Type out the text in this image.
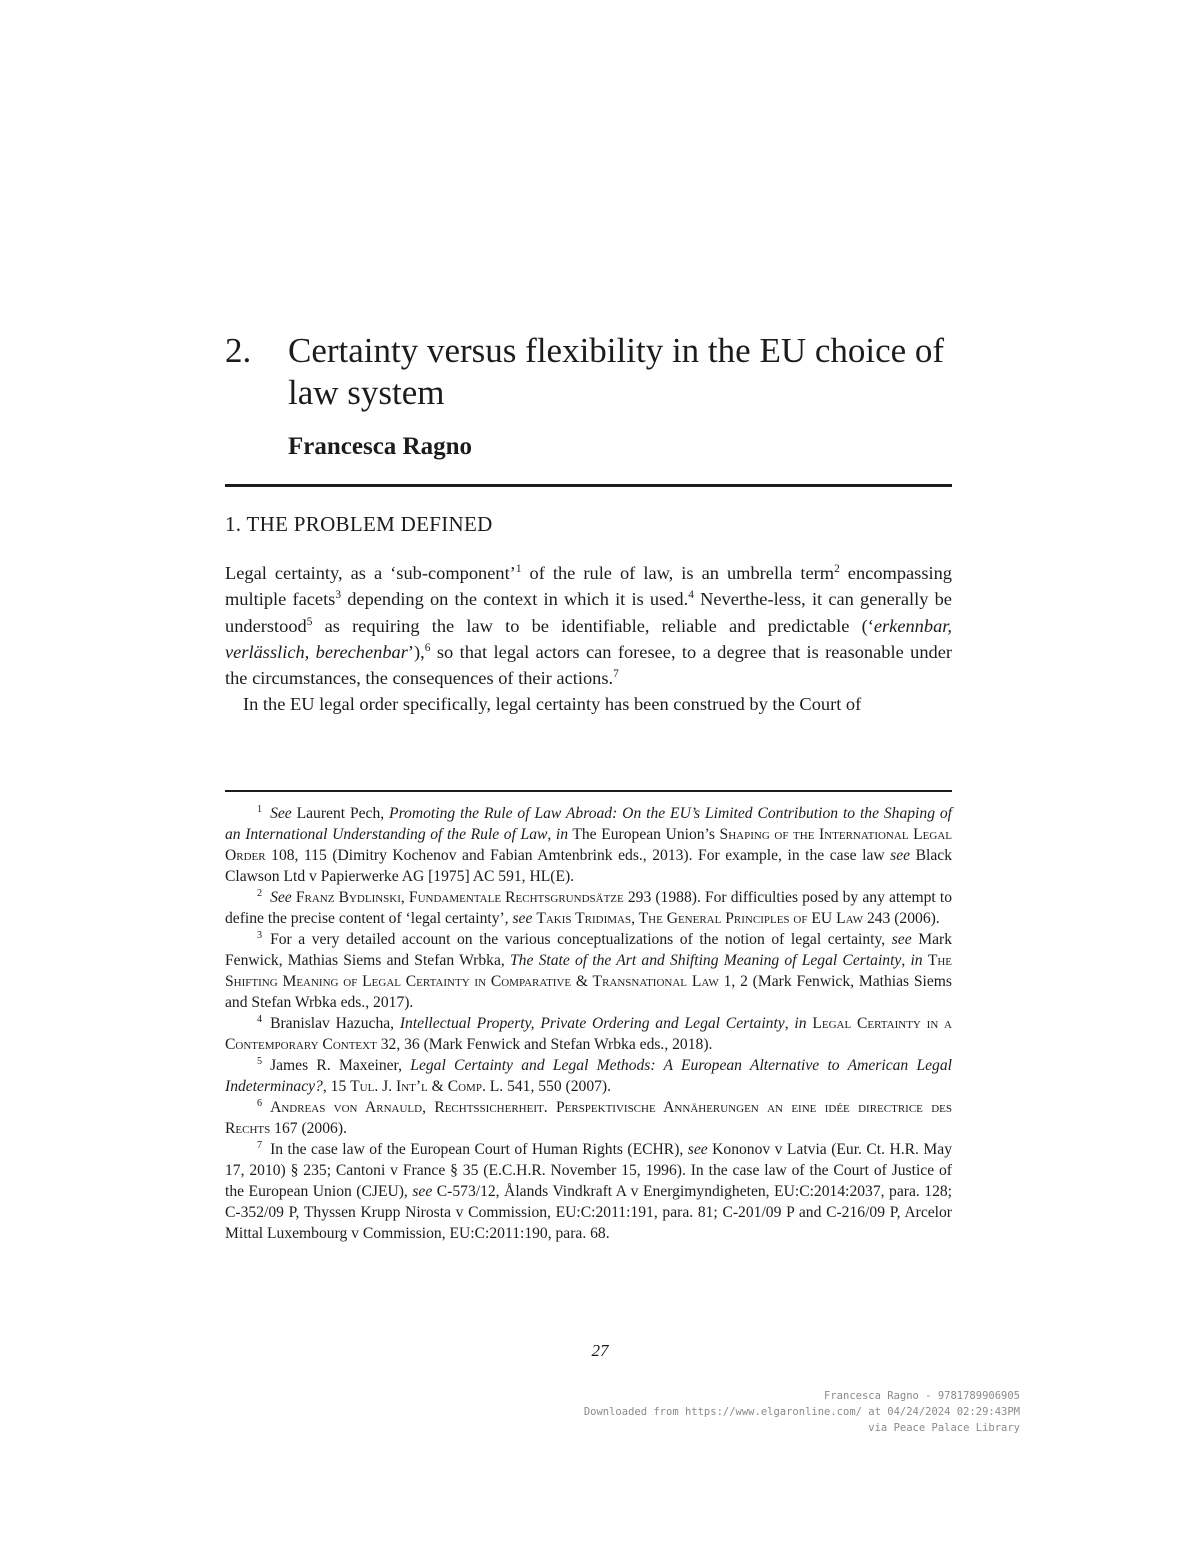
2. Certainty versus flexibility in the EU choice of law system
Francesca Ragno
1. THE PROBLEM DEFINED

Legal certainty, as a ‘sub-component’$^1$ of the rule of law, is an umbrella term$^2$ encompassing multiple facets$^3$ depending on the context in which it is used.$^4$ Neverthe-less, it can generally be understood$^5$ as requiring the law to be identifiable, reliable and predictable (‘erkennbar, verlässlich, berechenbar’),$^6$ so that legal actors can foresee, to a degree that is reasonable under the circumstances, the consequences of their actions.$^7$

In the EU legal order specifically, legal certainty has been construed by the Court of

$^1$ See Laurent Pech, Promoting the Rule of Law Abroad: On the EU’s Limited Contribution to the Shaping of an International Understanding of the Rule of Law, in The European Union’s Shaping of the International Legal Order 108, 115 (Dimitry Kochenov and Fabian Amtenbrink eds., 2013). For example, in the case law see Black Clawson Ltd v Papierwerke AG [1975] AC 591, HL(E).

$^2$ See Franz Bydlinski, Fundamentale Rechtsgrundsätze 293 (1988). For difficulties posed by any attempt to define the precise content of ‘legal certainty’, see Takis Tridimas, The General Principles of EU Law 243 (2006).

$^3$ For a very detailed account on the various conceptualizations of the notion of legal certainty, see Mark Fenwick, Mathias Siems and Stefan Wrbka, The State of the Art and Shifting Meaning of Legal Certainty, in The Shifting Meaning of Legal Certainty in Comparative & Transnational Law 1, 2 (Mark Fenwick, Mathias Siems and Stefan Wrbka eds., 2017).

$^4$ Branislav Hazucha, Intellectual Property, Private Ordering and Legal Certainty, in Legal Certainty in a Contemporary Context 32, 36 (Mark Fenwick and Stefan Wrbka eds., 2018).

$^5$ James R. Maxeiner, Legal Certainty and Legal Methods: A European Alternative to American Legal Indeterminacy?, 15 Tul. J. Int’l & Comp. L. 541, 550 (2007).

$^6$ Andreas von Arnauld, Rechtssicherheit. Perspektivische Annäherungen an eine idée directrice des Rechts 167 (2006).

$^7$ In the case law of the European Court of Human Rights (ECHR), see Kononov v Latvia (Eur. Ct. H.R. May 17, 2010) § 235; Cantoni v France § 35 (E.C.H.R. November 15, 1996). In the case law of the Court of Justice of the European Union (CJEU), see C-573/12, Ålands Vindkraft A v Energimyndigheten, EU:C:2014:2037, para. 128; C-352/09 P, Thyssen Krupp Nirosta v Commission, EU:C:2011:191, para. 81; C-201/09 P and C-216/09 P, Arcelor Mittal Luxembourg v Commission, EU:C:2011:190, para. 68.

27
Francesca Ragno - 9781789906905
Downloaded from https://www.elgaronline.com/ at 04/24/2024 02:29:43PM
via Peace Palace Library
